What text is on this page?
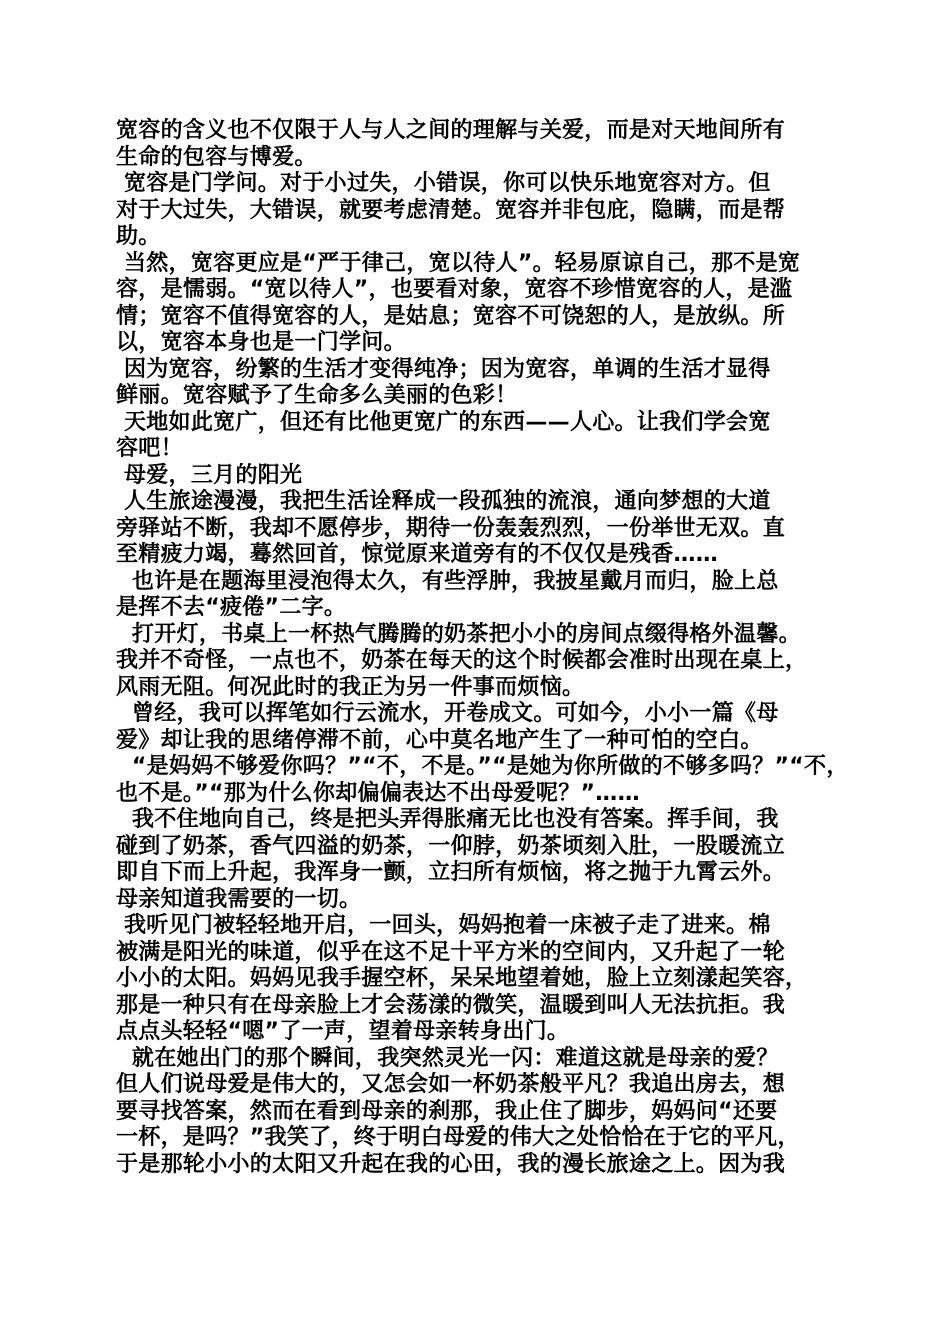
宽容的含义也不仅限于人与人之间的理解与关爱，而是对天地间所有
生命的包容与博爱。
宽容是门学问。对于小过失，小错误，你可以快乐地宽容对方。但
对于大过失，大错误，就要考虑清楚。宽容并非包庇，隐瞒，而是帮
助。
当然，宽容更应是“严于律己，宽以待人”。轻易原谅自己，那不是宽
容，是懦弱。“宽以待人”，也要看对象，宽容不珍惜宽容的人，是滥
情；宽容不值得宽容的人，是姑息；宽容不可饶恕的人，是放纵。所
以，宽容本身也是一门学问。
因为宽容，纷繁的生活才变得纯净；因为宽容，单调的生活才显得
鲜丽。宽容赋予了生命多么美丽的色彩！
天地如此宽广，但还有比他更宽广的东西——人心。让我们学会宽
容吧！
母爱，三月的阳光
人生旅途漫漫，我把生活诠释成一段孤独的流浪，通向梦想的大道
旁驿站不断，我却不愿停步，期待一份轰轰烈烈，一份举世无双。直
至精疲力竭，蓦然回首，惊觉原来道旁有的不仅仅是残香……
也许是在题海里浸泡得太久，有些浮肿，我披星戴月而归，脸上总
是挥不去“疲倦”二字。
打开灯，书桌上一杯热气腾腾的奶茶把小小的房间点缀得格外温馨。
我并不奇怪，一点也不，奶茶在每天的这个时候都会准时出现在桌上，
风雨无阻。何况此时的我正为另一件事而烦恼。
曾经，我可以挥笔如行云流水，开卷成文。可如今，小小一篇《母
爱》却让我的思绪停滞不前，心中莫名地产生了一种可怕的空白。
“是妈妈不够爱你吗？”“不，不是。”“是她为你所做的不够多吗？”“不，
也不是。”“那为什么你却偏偏表达不出母爱呢？”……
我不住地向自己，终是把头弄得胀痛无比也没有答案。挥手间，我
碰到了奶茶，香气四溢的奶茶，一仰脖，奶茶顷刻入肚，一股暖流立
即自下而上升起，我浑身一颤，立扫所有烦恼，将之抛于九霄云外。
母亲知道我需要的一切。
我听见门被轻轻地开启，一回头，妈妈抱着一床被子走了进来。棉
被满是阳光的味道，似乎在这不足十平方米的空间内，又升起了一轮
小小的太阳。妈妈见我手握空杯，呆呆地望着她，脸上立刻漾起笑容，
那是一种只有在母亲脸上才会荡漾的微笑，温暖到叫人无法抗拒。我
点点头轻轻“嗯”了一声，望着母亲转身出门。
就在她出门的那个瞬间，我突然灵光一闪：难道这就是母亲的爱？
但人们说母爱是伟大的，又怎会如一杯奶茶般平凡？我追出房去，想
要寻找答案，然而在看到母亲的刹那，我止住了脚步，妈妈问“还要
一杯，是吗？”我笑了，终于明白母爱的伟大之处恰恰在于它的平凡，
于是那轮小小的太阳又升起在我的心田，我的漫长旅途之上。因为我
